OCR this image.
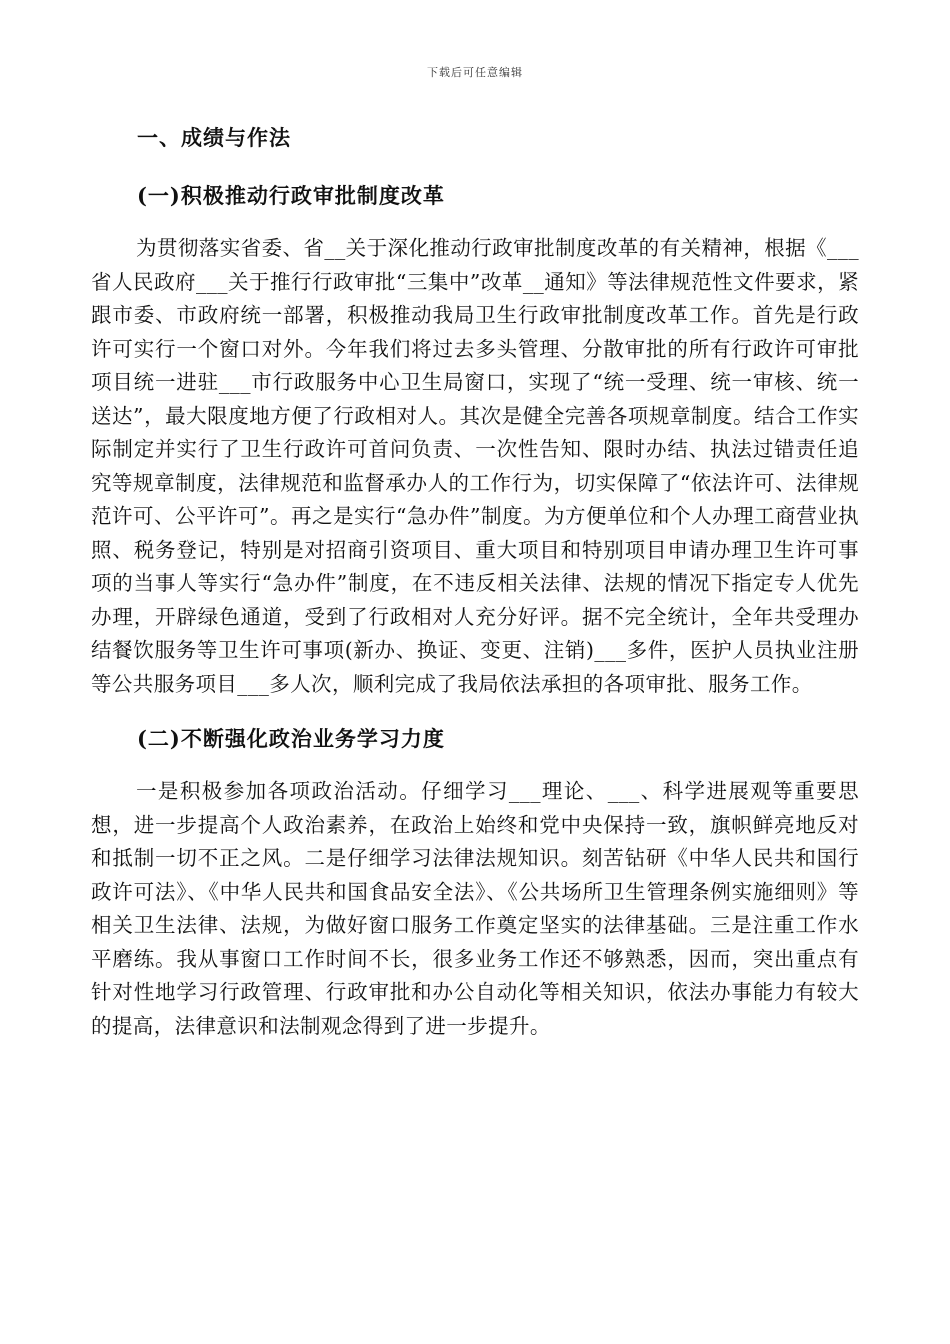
下载后可任意编辑
一、成绩与作法
(一)积极推动行政审批制度改革

为贯彻落实省委、省__关于深化推动行政审批制度改革的有关精神，根据《___省人民政府___关于推行行政审批“三集中”改革__通知》等法律规范性文件要求，紧跟市委、市政府统一部署，积极推动我局卫生行政审批制度改革工作。首先是行政许可实行一个窗口对外。今年我们将过去多头管理、分散审批的所有行政许可审批项目统一进驻___市行政服务中心卫生局窗口，实现了“统一受理、统一审核、统一送达”，最大限度地方便了行政相对人。其次是健全完善各项规章制度。结合工作实际制定并实行了卫生行政许可首问负责、一次性告知、限时办结、执法过错责任追究等规章制度，法律规范和监督承办人的工作行为，切实保障了“依法许可、法律规范许可、公平许可”。再之是实行“急办件”制度。为方便单位和个人办理工商营业执照、税务登记，特别是对招商引资项目、重大项目和特别项目申请办理卫生许可事项的当事人等实行“急办件”制度，在不违反相关法律、法规的情况下指定专人优先办理，开辟绿色通道，受到了行政相对人充分好评。据不完全统计，全年共受理办结餐饮服务等卫生许可事项(新办、换证、变更、注销)___多件，医护人员执业注册等公共服务项目___多人次，顺利完成了我局依法承担的各项审批、服务工作。

(二)不断强化政治业务学习力度

一是积极参加各项政治活动。仔细学习___理论、___、科学进展观等重要思想，进一步提高个人政治素养，在政治上始终和党中央保持一致，旗帜鲜亮地反对和抵制一切不正之风。二是仔细学习法律法规知识。刻苦钻研《中华人民共和国行政许可法》、《中华人民共和国食品安全法》、《公共场所卫生管理条例实施细则》等相关卫生法律、法规，为做好窗口服务工作奠定坚实的法律基础。三是注重工作水平磨练。我从事窗口工作时间不长，很多业务工作还不够熟悉，因而，突出重点有针对性地学习行政管理、行政审批和办公自动化等相关知识，依法办事能力有较大的提高，法律意识和法制观念得到了进一步提升。
